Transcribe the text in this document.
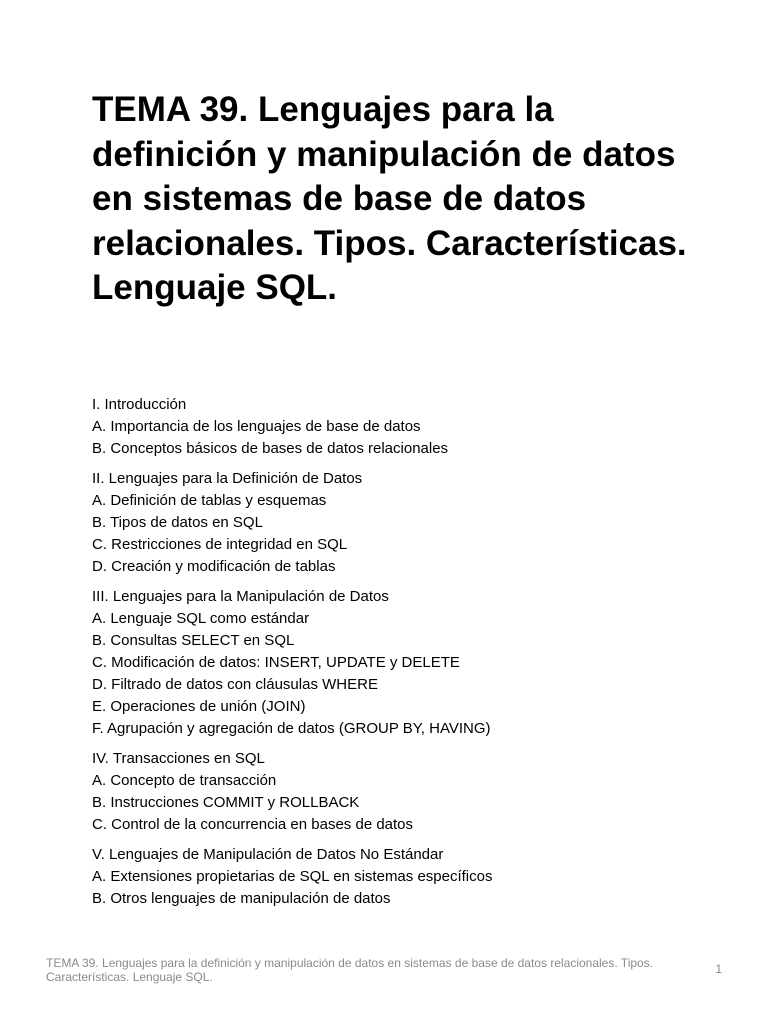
TEMA 39. Lenguajes para la definición y manipulación de datos en sistemas de base de datos relacionales. Tipos. Características. Lenguaje SQL.
I. Introducción
A. Importancia de los lenguajes de base de datos
B. Conceptos básicos de bases de datos relacionales
II. Lenguajes para la Definición de Datos
A. Definición de tablas y esquemas
B. Tipos de datos en SQL
C. Restricciones de integridad en SQL
D. Creación y modificación de tablas
III. Lenguajes para la Manipulación de Datos
A. Lenguaje SQL como estándar
B. Consultas SELECT en SQL
C. Modificación de datos: INSERT, UPDATE y DELETE
D. Filtrado de datos con cláusulas WHERE
E. Operaciones de unión (JOIN)
F. Agrupación y agregación de datos (GROUP BY, HAVING)
IV. Transacciones en SQL
A. Concepto de transacción
B. Instrucciones COMMIT y ROLLBACK
C. Control de la concurrencia en bases de datos
V. Lenguajes de Manipulación de Datos No Estándar
A. Extensiones propietarias de SQL en sistemas específicos
B. Otros lenguajes de manipulación de datos
TEMA 39. Lenguajes para la definición y manipulación de datos en sistemas de base de datos relacionales. Tipos. Características. Lenguaje SQL.
1
